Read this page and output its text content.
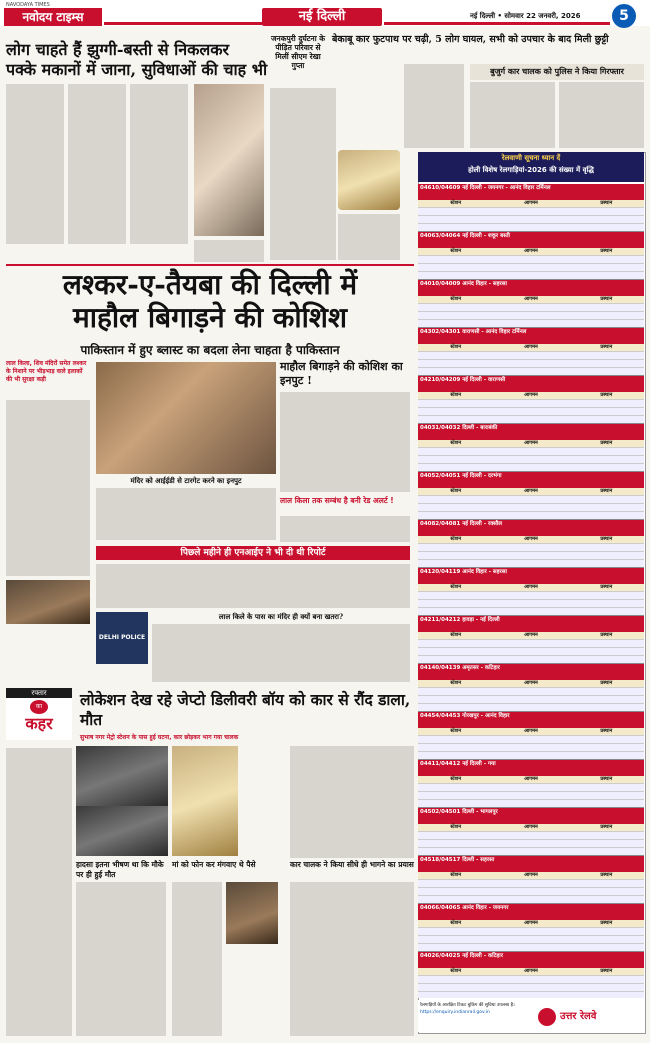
NAVODAYA TIMES
नवोदय टाइम्स	नई दिल्ली	नई दिल्ली • सोमवार 22 जनवरी, 2026	5
लोग चाहते हैं झुग्गी-बस्ती से निकलकर
पक्के मकानों में जाना, सुविधाओं की चाह भी
जनकपुरी दुर्घटना के पीड़ित परिवार से मिलीं सीएम रेखा गुप्ता
बेकाबू कार फुटपाथ पर चढ़ी, 5 लोग घायल, सभी को उपचार के बाद मिली छुट्टी
बुजुर्ग कार चालक को पुलिस ने किया गिरफ्तार
रेलवाणी सूचना ध्यान दें
होली विशेष रेलगाड़ियां-2026 की संख्या में वृद्धि
04610/04609 नई दिल्ली - जयनगर - आनंद विहार टर्मिनल
स्टेशन	आगमन	प्रस्थान
04063/04064 नई दिल्ली - शकूर बस्ती
स्टेशन	आगमन	प्रस्थान
04010/04009 आनंद विहार - सहरसा
स्टेशन	आगमन	प्रस्थान
04302/04301 वाराणसी - आनंद विहार टर्मिनल
स्टेशन	आगमन	प्रस्थान
04210/04209 नई दिल्ली - वाराणसी
स्टेशन	आगमन	प्रस्थान
04031/04032 दिल्ली - बाराबंकी
स्टेशन	आगमन	प्रस्थान
04052/04051 नई दिल्ली - दरभंगा
स्टेशन	आगमन	प्रस्थान
04082/04081 नई दिल्ली - रक्सौल
स्टेशन	आगमन	प्रस्थान
04120/04119 आनंद विहार - सहरसा
स्टेशन	आगमन	प्रस्थान
04211/04212 हावड़ा - नई दिल्ली
स्टेशन	आगमन	प्रस्थान
04140/04139 अमृतसर - कटिहार
स्टेशन	आगमन	प्रस्थान
04454/04453 गोरखपुर - आनंद विहार
स्टेशन	आगमन	प्रस्थान
04411/04412 नई दिल्ली - गया
स्टेशन	आगमन	प्रस्थान
04502/04501 दिल्ली - भागलपुर
स्टेशन	आगमन	प्रस्थान
04518/04517 दिल्ली - सहरसा
स्टेशन	आगमन	प्रस्थान
04066/04065 आनंद विहार - जयनगर
स्टेशन	आगमन	प्रस्थान
04026/04025 नई दिल्ली - कटिहार
स्टेशन	आगमन	प्रस्थान
रेलगाड़ियों के आरक्षित टिकट बुकिंग की सुविधा उपलब्ध है।
https://enquiry.indianrail.gov.in	उत्तर रेलवे
लश्कर-ए-तैयबा की दिल्ली में
माहौल बिगाड़ने की कोशिश
पाकिस्तान में हुए ब्लास्ट का बदला लेना चाहता है पाकिस्तान
लाल किला, शिव मंदिरों समेत लश्कर के निशाने पर भीड़भाड़ वाले इलाकों की भी सुरक्षा कड़ी
माहौल बिगाड़ने की कोशिश का इनपुट !
मंदिर को आईईडी से टारगेट करने का इनपुट
लाल किला तक सम्बंध है बनी रेड अलर्ट !
पिछले महीने ही एनआईए ने भी दी थी रिपोर्ट
DELHI POLICE
लाल किले के पास का मंदिर ही क्यों बना खतरा?
रफ्तार
का
कहर
लोकेशन देख रहे जेप्टो डिलीवरी बॉय को कार से रौंद डाला, मौत
सुभाष नगर मेट्रो स्टेशन के पास हुई घटना, कार छोड़कर भाग गया चालक
हादसा इतना भीषण था कि मौके पर ही हुई मौत
मां को फोन कर मंगवाए थे पैसे	कार चालक ने किया सीधे ही भागने का प्रयास
